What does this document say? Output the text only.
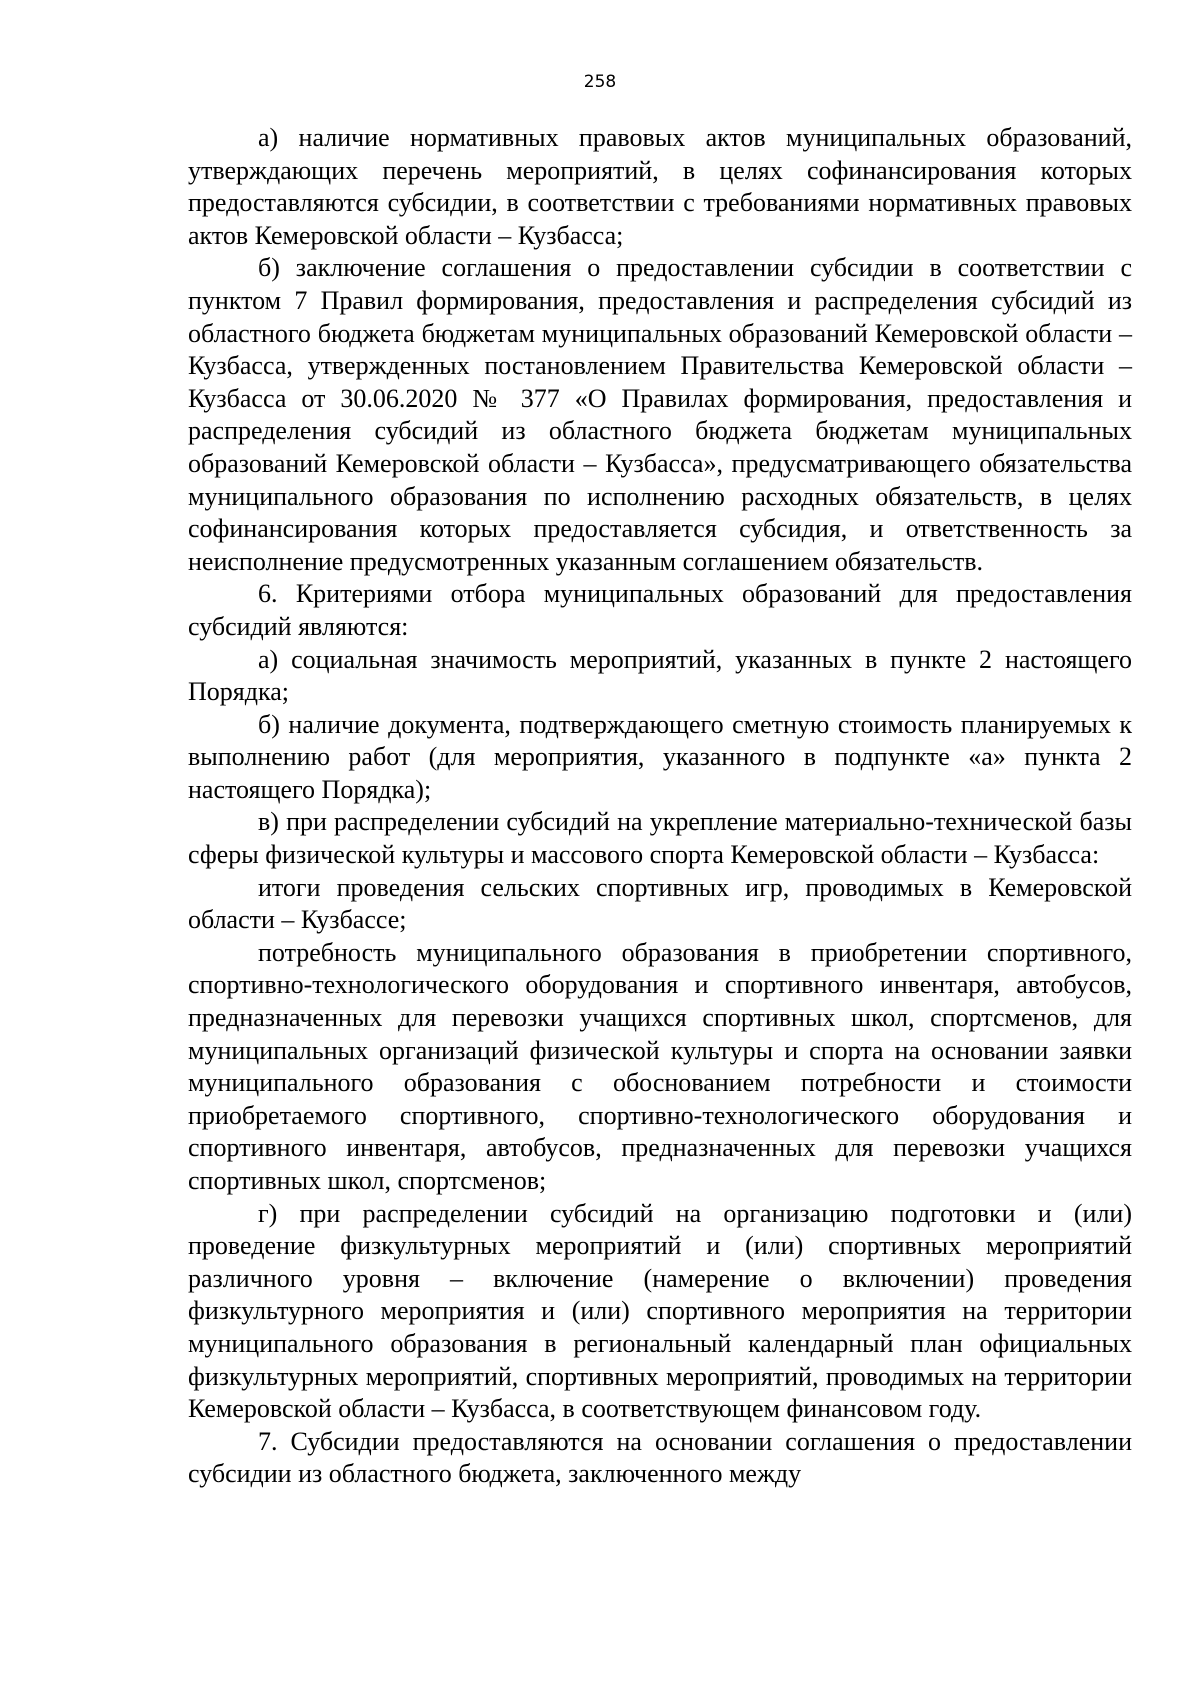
258

а) наличие нормативных правовых актов муниципальных образований, утверждающих перечень мероприятий, в целях софинансирования которых предоставляются субсидии, в соответствии с требованиями нормативных правовых актов Кемеровской области – Кузбасса;

б) заключение соглашения о предоставлении субсидии в соответствии с пунктом 7 Правил формирования, предоставления и распределения субсидий из областного бюджета бюджетам муниципальных образований Кемеровской области – Кузбасса, утвержденных постановлением Правительства Кемеровской области – Кузбасса от 30.06.2020 № 377 «О Правилах формирования, предоставления и распределения субсидий из областного бюджета бюджетам муниципальных образований Кемеровской области – Кузбасса», предусматривающего обязательства муниципального образования по исполнению расходных обязательств, в целях софинансирования которых предоставляется субсидия, и ответственность за неисполнение предусмотренных указанным соглашением обязательств.

6. Критериями отбора муниципальных образований для предоставления субсидий являются:

а) социальная значимость мероприятий, указанных в пункте 2 настоящего Порядка;

б) наличие документа, подтверждающего сметную стоимость планируемых к выполнению работ (для мероприятия, указанного в подпункте «а» пункта 2 настоящего Порядка);

в) при распределении субсидий на укрепление материально-технической базы сферы физической культуры и массового спорта Кемеровской области – Кузбасса:

итоги проведения сельских спортивных игр, проводимых в Кемеровской области – Кузбассе;

потребность муниципального образования в приобретении спортивного, спортивно-технологического оборудования и спортивного инвентаря, автобусов, предназначенных для перевозки учащихся спортивных школ, спортсменов, для муниципальных организаций физической культуры и спорта на основании заявки муниципального образования с обоснованием потребности и стоимости приобретаемого спортивного, спортивно-технологического оборудования и спортивного инвентаря, автобусов, предназначенных для перевозки учащихся спортивных школ, спортсменов;

г) при распределении субсидий на организацию подготовки и (или) проведение физкультурных мероприятий и (или) спортивных мероприятий различного уровня – включение (намерение о включении) проведения физкультурного мероприятия и (или) спортивного мероприятия на территории муниципального образования в региональный календарный план официальных физкультурных мероприятий, спортивных мероприятий, проводимых на территории Кемеровской области – Кузбасса, в соответствующем финансовом году.

7. Субсидии предоставляются на основании соглашения о предоставлении субсидии из областного бюджета, заключенного между
